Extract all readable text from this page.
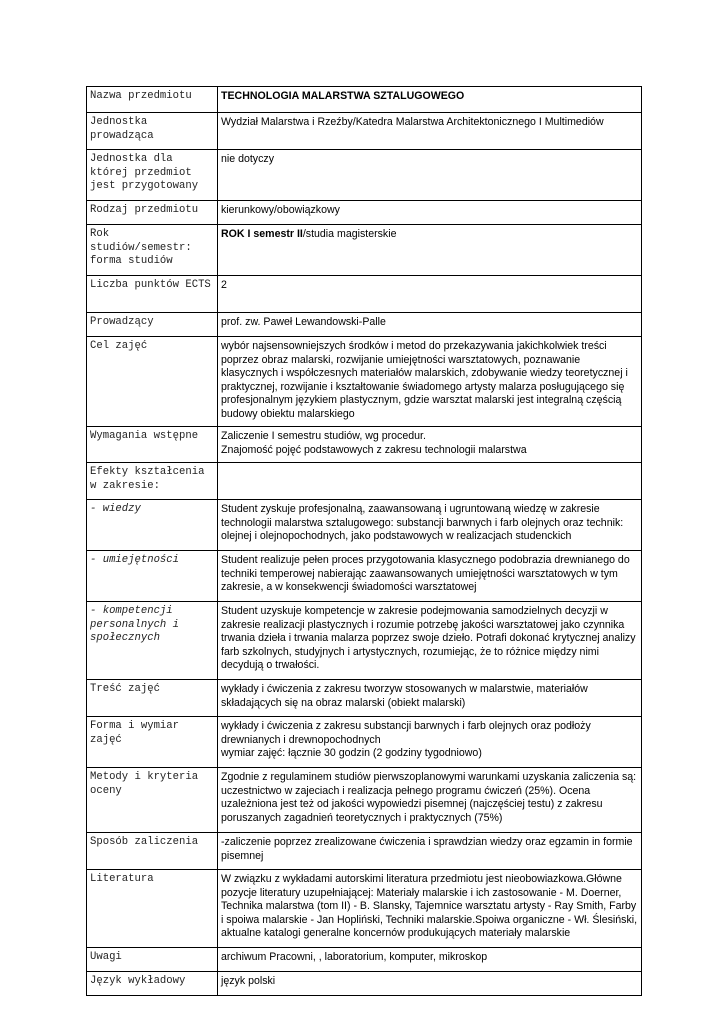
Nazwa przedmiotu	TECHNOLOGIA MALARSTWA SZTALUGOWEGO
Jednostka prowadząca	Wydział Malarstwa i Rzeźby/Katedra Malarstwa Architektonicznego I Multimediów
Jednostka dla której przedmiot jest przygotowany	nie dotyczy
Rodzaj przedmiotu	kierunkowy/obowiązkowy
Rok studiów/semestr: forma studiów	ROK I semestr II/studia magisterskie
Liczba punktów ECTS	2
Prowadzący	prof. zw. Paweł Lewandowski-Palle
Cel zajęć	wybór najsensowniejszych środków i metod do przekazywania jakichkolwiek treści poprzez obraz malarski, rozwijanie umiejętności warsztatowych, poznawanie klasycznych i współczesnych materiałów malarskich, zdobywanie wiedzy teoretycznej i praktycznej, rozwijanie i kształtowanie świadomego artysty malarza posługującego się profesjonalnym językiem plastycznym, gdzie warsztat malarski jest integralną częścią budowy obiektu malarskiego
Wymagania wstępne	Zaliczenie I semestru studiów, wg procedur.
Znajomość pojęć podstawowych z zakresu technologii malarstwa

Efekty kształcenia w zakresie:	
- wiedzy	Student zyskuje profesjonalną, zaawansowaną i ugruntowaną wiedzę w zakresie technologii malarstwa sztalugowego: substancji barwnych i farb olejnych oraz technik: olejnej i olejnopochodnych, jako podstawowych w realizacjach studenckich
- umiejętności	Student realizuje pełen proces przygotowania klasycznego podobrazia drewnianego do techniki temperowej nabierając zaawansowanych umiejętności warsztatowych w tym zakresie, a w konsekwencji świadomości warsztatowej
- kompetencji personalnych i społecznych	Student uzyskuje kompetencje w zakresie podejmowania samodzielnych decyzji w zakresie realizacji plastycznych i rozumie potrzebę jakości warsztatowej jako czynnika trwania dzieła i trwania malarza poprzez swoje dzieło. Potrafi dokonać krytycznej analizy farb szkolnych, studyjnych i artystycznych, rozumiejąc, że to różnice między nimi decydują o trwałości.
Treść zajęć	wykłady i ćwiczenia z zakresu tworzyw stosowanych w malarstwie, materiałów składających się na obraz malarski (obiekt malarski)
Forma i wymiar zajęć	wykłady i ćwiczenia z zakresu substancji barwnych i farb olejnych oraz podłoży drewnianych i drewnopochodnych
wymiar zajęć: łącznie 30 godzin (2 godziny tygodniowo)

Metody i kryteria oceny	Zgodnie z regulaminem studiów pierwszoplanowymi warunkami uzyskania zaliczenia są: uczestnictwo w zajeciach i realizacja pełnego programu ćwiczeń (25%). Ocena uzależniona jest też od jakości wypowiedzi pisemnej (najczęściej testu) z zakresu poruszanych zagadnień teoretycznych i praktycznych (75%)
Sposób zaliczenia	-zaliczenie poprzez zrealizowane ćwiczenia i sprawdzian wiedzy oraz egzamin in formie pisemnej
Literatura	W związku z wykładami autorskimi literatura przedmiotu jest nieobowiazkowa.Główne pozycje literatury uzupełniającej: Materiały malarskie i ich zastosowanie - M. Doerner, Technika malarstwa (tom II) - B. Slansky, Tajemnice warsztatu artysty - Ray Smith, Farby i spoiwa malarskie - Jan Hopliński, Techniki malarskie.Spoiwa organiczne - Wł. Ślesiński, aktualne katalogi generalne koncernów produkujących materiały malarskie
Uwagi	archiwum Pracowni, , laboratorium, komputer, mikroskop
Język wykładowy	język polski
